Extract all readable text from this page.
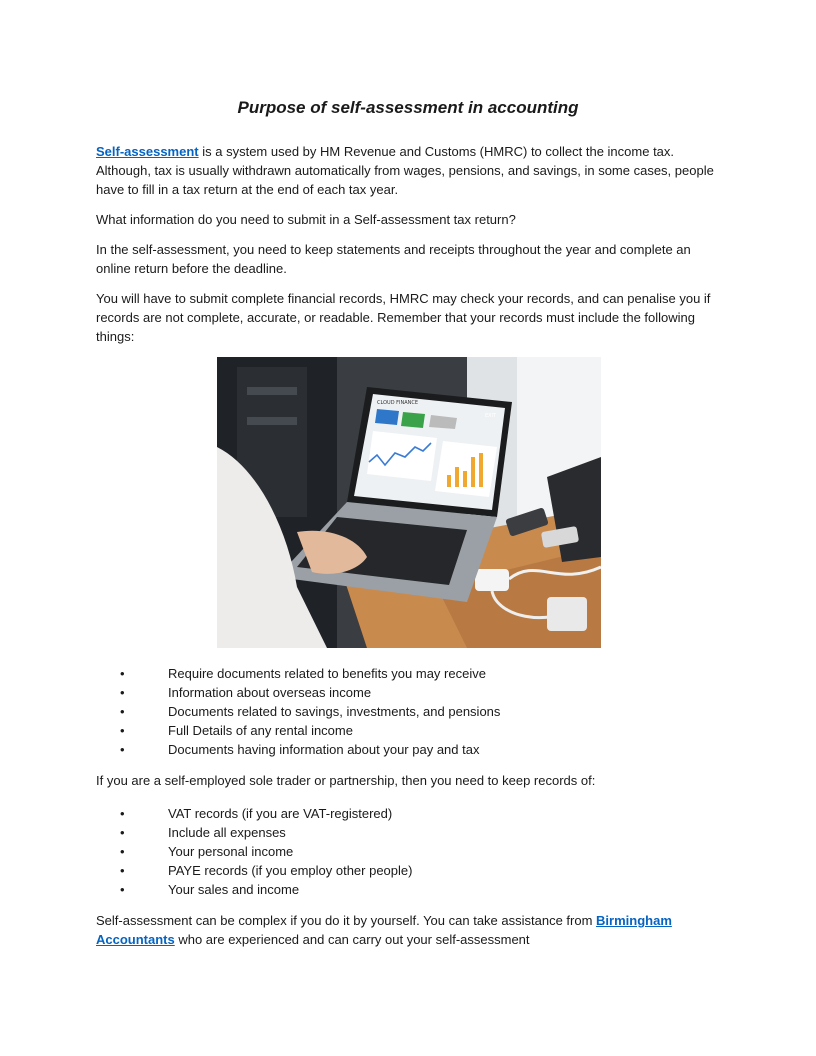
Purpose of self-assessment in accounting

Self-assessment is a system used by HM Revenue and Customs (HMRC) to collect the income tax. Although, tax is usually withdrawn automatically from wages, pensions, and savings, in some cases, people have to fill in a tax return at the end of each tax year.

What information do you need to submit in a Self-assessment tax return?

In the self-assessment, you need to keep statements and receipts throughout the year and complete an online return before the deadline.

You will have to submit complete financial records, HMRC may check your records, and can penalise you if records are not complete, accurate, or readable. Remember that your records must include the following things:

CLOUD FINANCE
EXIT
•	Require documents related to benefits you may receive
•	Information about overseas income
•	Documents related to savings, investments, and pensions
•	Full Details of any rental income
•	Documents having information about your pay and tax

If you are a self-employed sole trader or partnership, then you need to keep records of:

•	VAT records (if you are VAT-registered)
•	Include all expenses
•	Your personal income
•	PAYE records (if you employ other people)
•	Your sales and income

Self-assessment can be complex if you do it by yourself. You can take assistance from Birmingham Accountants who are experienced and can carry out your self-assessment
